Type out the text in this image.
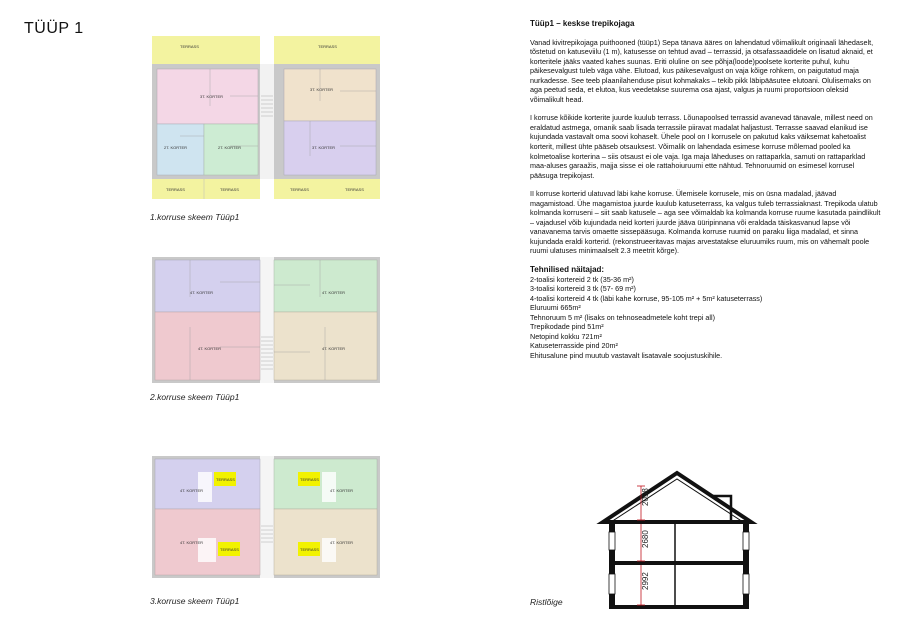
TÜÜP 1
TERRASS	TERRASS
TERRASS	TERRASS	TERRASS	TERRASS
3T. KORTER
3T. KORTER
2T. KORTER	2T. KORTER	3T. KORTER
1.korruse skeem Tüüp1
4T. KORTER	4T. KORTER
4T. KORTER	4T. KORTER
2.korruse skeem Tüüp1
TERRASS	TERRASS
TERRASS	TERRASS
4T. KORTER	4T. KORTER
4T. KORTER	4T. KORTER
3.korruse skeem Tüüp1
Tüüp1 – keskse trepikojaga

Vanad kivitrepikojaga puithooned (tüüp1) Sepa tänava ääres on lahendatud võimalikult originaali lähedaselt, tõstetud on katuseviilu (1 m), katusesse on tehtud avad – terrassid, ja otsafassaadidele on lisatud aknaid, et korteritele jääks vaated kahes suunas. Eriti oluline on see põhja(loode)poolsete korterite puhul, kuhu päikesevalgust tuleb väga vähe. Elutoad, kus päikesevalgust on vaja kõige rohkem, on paigutatud maja nurkadesse. See teeb plaanilahenduse pisut kohmakaks – tekib pikk läbipääsutee elutoani. Olulisemaks on aga peetud seda, et elutoa, kus veedetakse suurema osa ajast, valgus ja ruumi proportsioon oleksid võimalikult head.

I korruse kõikide korterite juurde kuulub terrass. Lõunapoolsed terrassid avanevad tänavale, millest need on eraldatud astmega, omanik saab lisada terrassile piiravat madalat haljastust. Terrasse saavad elanikud ise kujundada vastavalt oma soovi kohaselt. Ühele pool on I korrusele on pakutud kaks väiksemat kahetoalist korterit, millest ühte pääseb otsauksest. Võimalik on lahendada esimese korruse mõlemad pooled ka kolmetoalise korterina – siis otsaust ei ole vaja. Iga maja läheduses on rattaparkla, samuti on rattaparklad maa-aluses garaažis, majja sisse ei ole rattahoiuruumi ette nähtud. Tehnoruumid on esimesel korrusel pääsuga trepikojast.

II korruse korterid ulatuvad läbi kahe korruse. Ülemisele korrusele, mis on üsna madalad, jäävad magamistoad. Ühe magamistoa juurde kuulub katuseterrass, ka valgus tuleb terrassiaknast. Trepikoda ulatub kolmanda korruseni – siit saab katusele – aga see võimaldab ka kolmanda korruse ruume kasutada paindlikult – vajadusel võib kujundada neid korteri juurde jääva üüripinnana või eraldada täiskasvanud lapse või vanavanema tarvis omaette sissepääsuga. Kolmanda korruse ruumid on paraku liiga madalad, et sinna kujundada eraldi korterid. (rekonstrueeritavas majas arvestatakse eluruumiks ruum, mis on vähemalt poole ruumi ulatuses minimaalselt 2.3 meetrit kõrge).

Tehnilised näitajad:
2-toalisi kortereid 2 tk (35-36 m²)
3-toalisi kortereid 3 tk (57- 69 m²)
4-toalisi kortereid 4 tk (läbi kahe korruse, 95-105 m² + 5m² katuseterrass)
Eluruumi 665m²
Tehnoruum 5 m² (lisaks on tehnoseadmetele koht trepi all)
Trepikodade pind 51m²
Netopind kokku 721m²
Katuseterrasside pind 20m²
Ehitusalune pind muutub vastavalt lisatavale soojustuskihile.
2058
2680
2992
Ristlõige
